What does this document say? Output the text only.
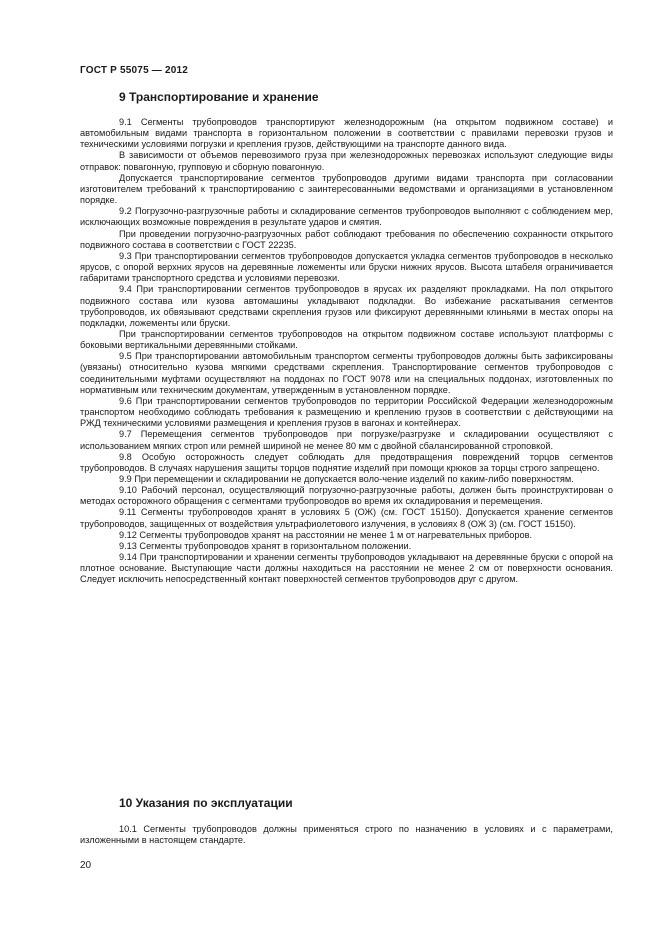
ГОСТ Р 55075 — 2012
9 Транспортирование и хранение

9.1 Сегменты трубопроводов транспортируют железнодорожным (на открытом подвижном составе) и автомобильным видами транспорта в горизонтальном положении в соответствии с правилами перевозки грузов и техническими условиями погрузки и крепления грузов, действующими на транспорте данного вида.

В зависимости от объемов перевозимого груза при железнодорожных перевозках используют следующие виды отправок: повагонную, групповую и сборную повагонную.

Допускается транспортирование сегментов трубопроводов другими видами транспорта при согласовании изготовителем требований к транспортированию с заинтересованными ведомствами и организациями в установленном порядке.

9.2 Погрузочно-разгрузочные работы и складирование сегментов трубопроводов выполняют с соблюдением мер, исключающих возможные повреждения в результате ударов и смятия.

При проведении погрузочно-разгрузочных работ соблюдают требования по обеспечению сохранности открытого подвижного состава в соответствии с ГОСТ 22235.

9.3 При транспортировании сегментов трубопроводов допускается укладка сегментов трубопроводов в несколько ярусов, с опорой верхних ярусов на деревянные ложементы или бруски нижних ярусов. Высота штабеля ограничивается габаритами транспортного средства и условиями перевозки.

9.4 При транспортировании сегментов трубопроводов в ярусах их разделяют прокладками. На пол открытого подвижного состава или кузова автомашины укладывают подкладки. Во избежание раскатывания сегментов трубопроводов, их обвязывают средствами скрепления грузов или фиксируют деревянными клиньями в местах опоры на подкладки, ложементы или бруски.

При транспортировании сегментов трубопроводов на открытом подвижном составе используют платформы с боковыми вертикальными деревянными стойками.

9.5 При транспортировании автомобильным транспортом сегменты трубопроводов должны быть зафиксированы (увязаны) относительно кузова мягкими средствами скрепления. Транспортирование сегментов трубопроводов с соединительными муфтами осуществляют на поддонах по ГОСТ 9078 или на специальных поддонах, изготовленных по нормативным или техническим документам, утвержденным в установленном порядке.

9.6 При транспортировании сегментов трубопроводов по территории Российской Федерации железнодорожным транспортом необходимо соблюдать требования к размещению и креплению грузов в соответствии с действующими на РЖД техническими условиями размещения и крепления грузов в вагонах и контейнерах.

9.7 Перемещения сегментов трубопроводов при погрузке/разгрузке и складировании осуществляют с использованием мягких строп или ремней шириной не менее 80 мм с двойной сбалансированной строповкой.

9.8 Особую осторожность следует соблюдать для предотвращения повреждений торцов сегментов трубопроводов. В случаях нарушения защиты торцов поднятие изделий при помощи крюков за торцы строго запрещено.

9.9 При перемещении и складировании не допускается воло-чение изделий по каким-либо поверхностям.

9.10 Рабочий персонал, осуществляющий погрузочно-разгрузочные работы, должен быть проинструктирован о методах осторожного обращения с сегментами трубопроводов во время их складирования и перемещения.

9.11 Сегменты трубопроводов хранят в условиях 5 (ОЖ) (см. ГОСТ 15150). Допускается хранение сегментов трубопроводов, защищенных от воздействия ультрафиолетового излучения, в условиях 8 (ОЖ 3) (см. ГОСТ 15150).

9.12 Сегменты трубопроводов хранят на расстоянии не менее 1 м от нагревательных приборов.

9.13 Сегменты трубопроводов хранят в горизонтальном положении.

9.14 При транспортировании и хранении сегменты трубопроводов укладывают на деревянные бруски с опорой на плотное основание. Выступающие части должны находиться на расстоянии не менее 2 см от поверхности основания. Следует исключить непосредственный контакт поверхностей сегментов трубопроводов друг с другом.

10 Указания по эксплуатации

10.1 Сегменты трубопроводов должны применяться строго по назначению в условиях и с параметрами, изложенными в настоящем стандарте.

20
